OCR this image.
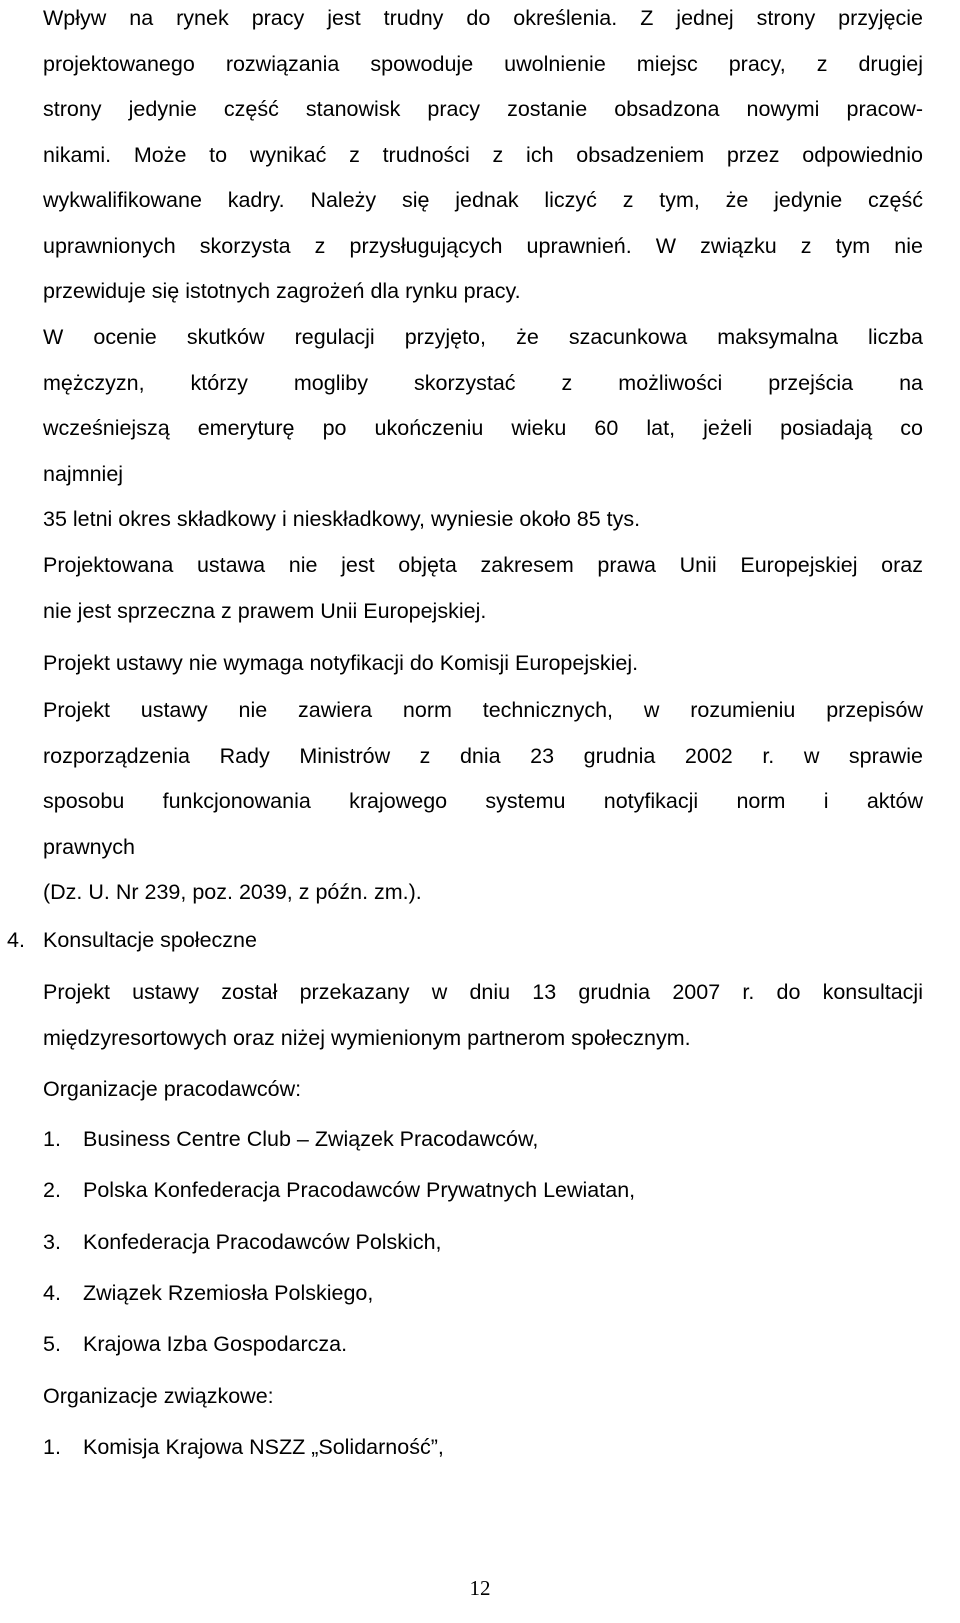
Wpływ na rynek pracy jest trudny do określenia. Z jednej strony przyjęcie
projektowanego rozwiązania spowoduje uwolnienie miejsc pracy, z drugiej
strony jedynie część stanowisk pracy zostanie obsadzona nowymi pracow-
nikami. Może to wynikać z trudności z ich obsadzeniem przez odpowiednio
wykwalifikowane kadry. Należy się jednak liczyć z tym, że jedynie część
uprawnionych skorzysta z przysługujących uprawnień. W związku z tym nie
przewiduje się istotnych zagrożeń dla rynku pracy.
W ocenie skutków regulacji przyjęto, że szacunkowa maksymalna liczba
mężczyzn, którzy mogliby skorzystać z możliwości przejścia na
wcześniejszą emeryturę po ukończeniu wieku 60 lat, jeżeli posiadają co
najmniej
35 letni okres składkowy i nieskładkowy, wyniesie około 85 tys.
Projektowana ustawa nie jest objęta zakresem prawa Unii Europejskiej oraz
nie jest sprzeczna z prawem Unii Europejskiej.
Projekt ustawy nie wymaga notyfikacji do Komisji Europejskiej.
Projekt ustawy nie zawiera norm technicznych, w rozumieniu przepisów
rozporządzenia Rady Ministrów z dnia 23 grudnia 2002 r. w sprawie
sposobu funkcjonowania krajowego systemu notyfikacji norm i aktów
prawnych
(Dz. U. Nr 239, poz. 2039, z późn. zm.).
4. Konsultacje społeczne
Projekt ustawy został przekazany w dniu 13 grudnia 2007 r. do konsultacji
międzyresortowych oraz niżej wymienionym partnerom społecznym.
Organizacje pracodawców:
1. Business Centre Club – Związek Pracodawców,
2. Polska Konfederacja Pracodawców Prywatnych Lewiatan,
3. Konfederacja Pracodawców Polskich,
4. Związek Rzemiosła Polskiego,
5. Krajowa Izba Gospodarcza.
Organizacje związkowe:
1. Komisja Krajowa NSZZ „Solidarność”,
12
